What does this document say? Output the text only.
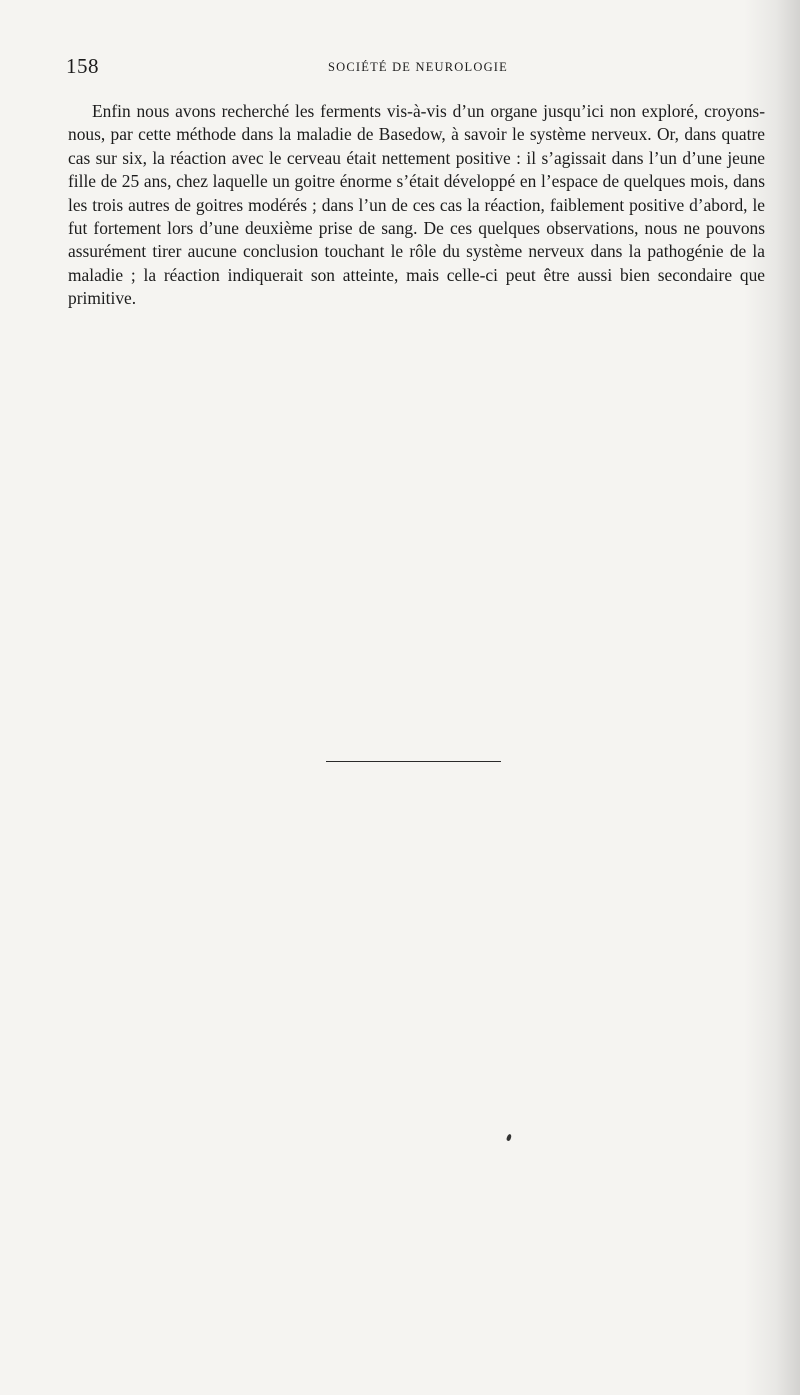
158	SOCIÉTÉ DE NEUROLOGIE

Enfin nous avons recherché les ferments vis-à-vis d’un organe jusqu’ici non exploré, croyons-nous, par cette méthode dans la maladie de Basedow, à savoir le système nerveux. Or, dans quatre cas sur six, la réaction avec le cerveau était nettement positive : il s’agissait dans l’un d’une jeune fille de 25 ans, chez laquelle un goitre énorme s’était développé en l’espace de quelques mois, dans les trois autres de goitres modérés ; dans l’un de ces cas la réaction, faiblement positive d’abord, le fut fortement lors d’une deuxième prise de sang. De ces quelques observations, nous ne pouvons assurément tirer aucune conclusion touchant le rôle du système nerveux dans la pathogénie de la maladie ; la réaction indiquerait son atteinte, mais celle-ci peut être aussi bien secondaire que primitive.
